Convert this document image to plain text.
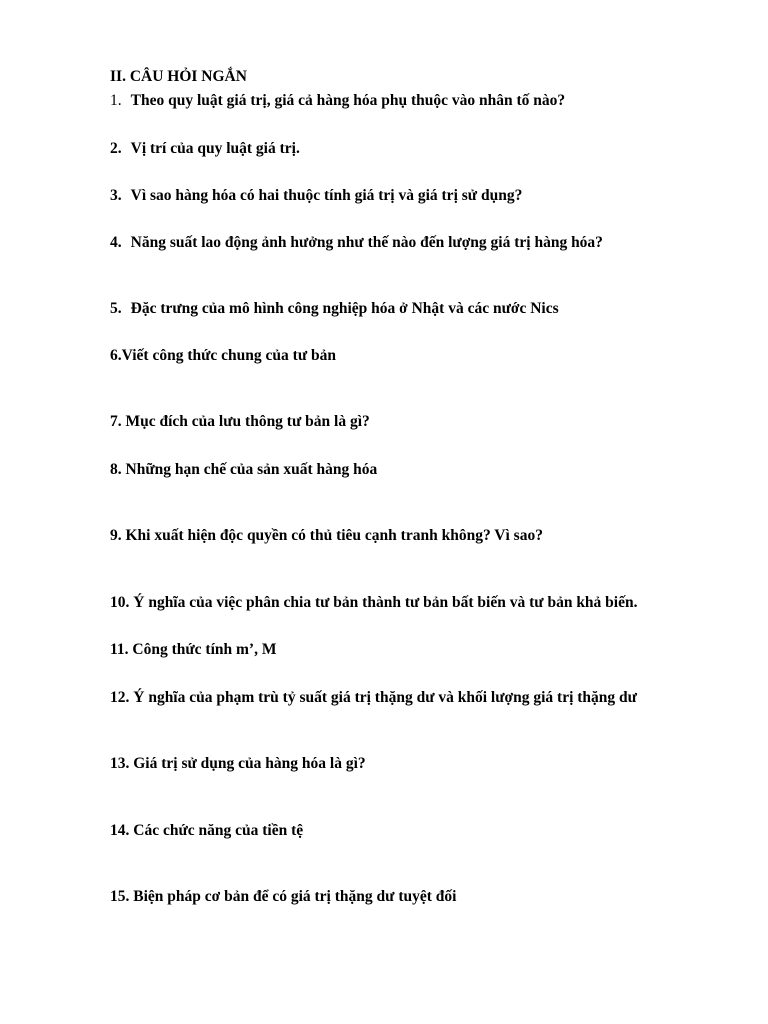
II. CÂU HỎI NGẮN
1. Theo quy luật giá trị, giá cả hàng hóa phụ thuộc vào nhân tố nào?
2. Vị trí của quy luật giá trị.
3. Vì sao hàng hóa có hai thuộc tính giá trị và giá trị sử dụng?
4. Năng suất lao động ảnh hưởng như thế nào đến lượng giá trị hàng hóa?
5. Đặc trưng của mô hình công nghiệp hóa ở Nhật và các nước Nics
6.Viết công thức chung của tư bản
7. Mục đích của lưu thông tư bản là gì?
8. Những hạn chế của sản xuất hàng hóa
9. Khi xuất hiện độc quyền có thủ tiêu cạnh tranh không? Vì sao?
10. Ý nghĩa của việc phân chia tư bản thành tư bản bất biến và tư bản khả biến.
11. Công thức tính m’, M
12. Ý nghĩa của phạm trù tỷ suất giá trị thặng dư và khối lượng giá trị thặng dư
13. Giá trị sử dụng của hàng hóa là gì?
14. Các chức năng của tiền tệ
15. Biện pháp cơ bản để có giá trị thặng dư tuyệt đối
